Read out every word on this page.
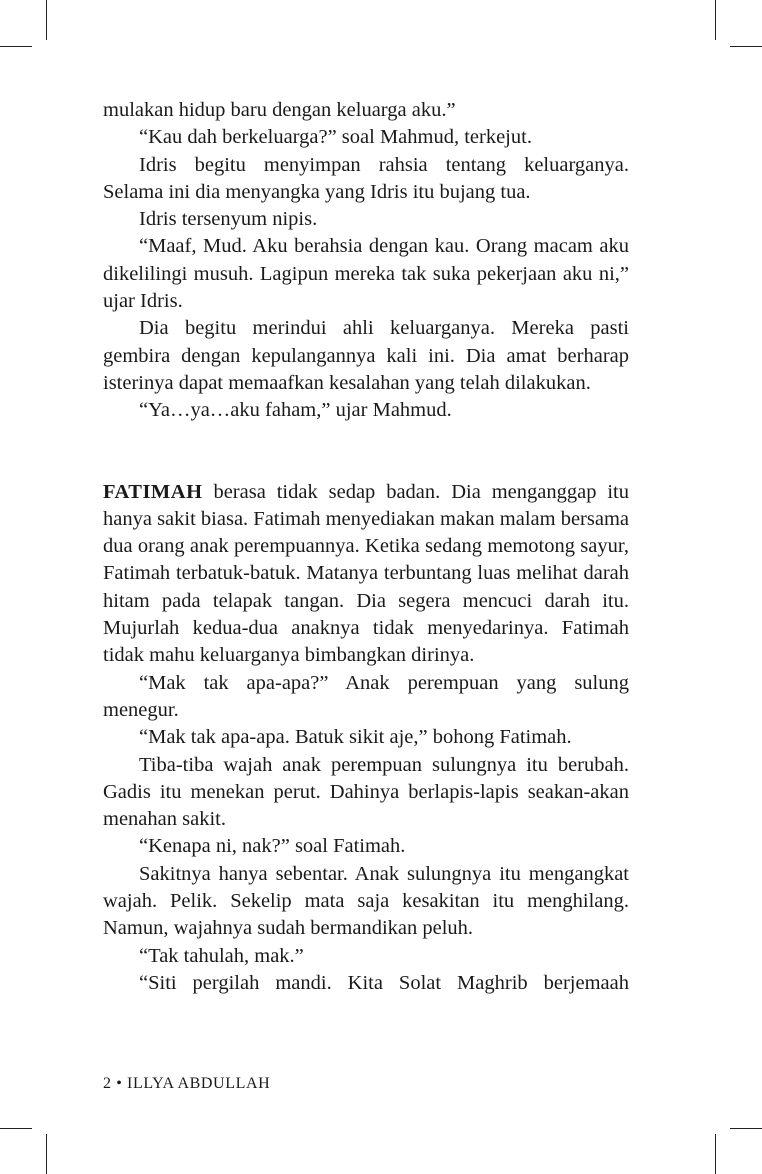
mulakan hidup baru dengan keluarga aku.”

“Kau dah berkeluarga?” soal Mahmud, terkejut.

Idris begitu menyimpan rahsia tentang keluarganya. Selama ini dia menyangka yang Idris itu bujang tua.

Idris tersenyum nipis.

“Maaf, Mud. Aku berahsia dengan kau. Orang macam aku dikelilingi musuh. Lagipun mereka tak suka pekerjaan aku ni,” ujar Idris.

Dia begitu merindui ahli keluarganya. Mereka pasti gembira dengan kepulangannya kali ini. Dia amat berharap isterinya dapat memaafkan kesalahan yang telah dilakukan.

“Ya…ya…aku faham,” ujar Mahmud.

FATIMAH berasa tidak sedap badan. Dia menganggap itu hanya sakit biasa. Fatimah menyediakan makan malam bersama dua orang anak perempuannya. Ketika sedang memotong sayur, Fatimah terbatuk-batuk. Matanya terbuntang luas melihat darah hitam pada telapak tangan. Dia segera mencuci darah itu. Mujurlah kedua-dua anaknya tidak menyedarinya. Fatimah tidak mahu keluarganya bimbangkan dirinya.

“Mak tak apa-apa?” Anak perempuan yang sulung menegur.

“Mak tak apa-apa. Batuk sikit aje,” bohong Fatimah.

Tiba-tiba wajah anak perempuan sulungnya itu berubah. Gadis itu menekan perut. Dahinya berlapis-lapis seakan-akan menahan sakit.

“Kenapa ni, nak?” soal Fatimah.

Sakitnya hanya sebentar. Anak sulungnya itu mengangkat wajah. Pelik. Sekelip mata saja kesakitan itu menghilang. Namun, wajahnya sudah bermandikan peluh.

“Tak tahulah, mak.”

“Siti pergilah mandi. Kita Solat Maghrib berjemaah

2 • ILLYA ABDULLAH
